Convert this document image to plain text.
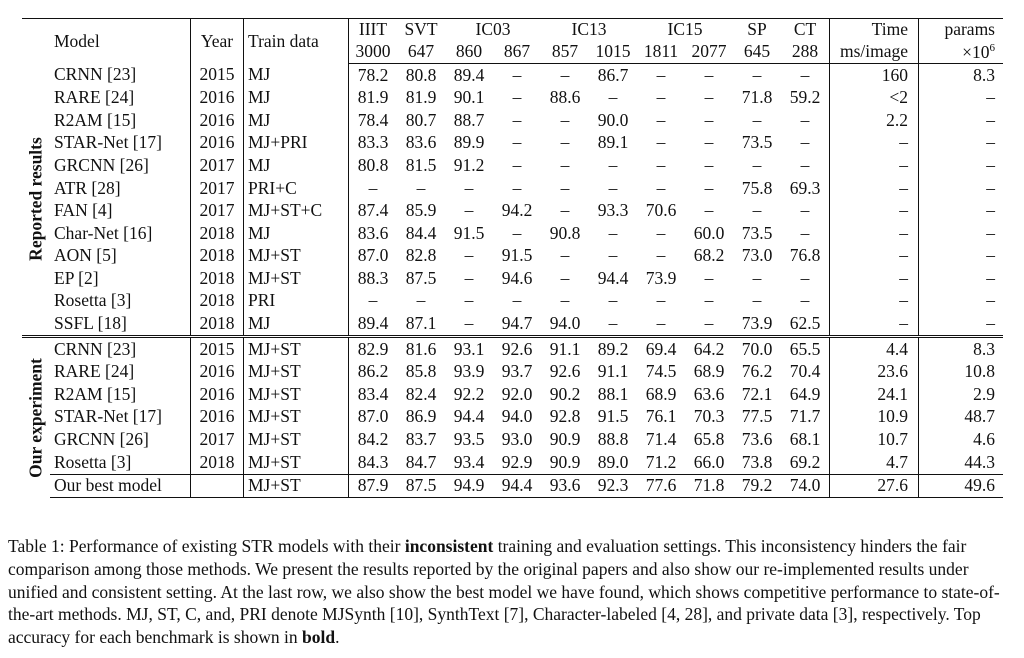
	Model	Year	Train data	IIIT	SVT	IC03		IC13		IC15		SP	CT	Time	params
				3000	647	860	867	857	1015	1811	2077	645	288	ms/image	$\times 10^6$

Reported results	CRNN [23]	2015	MJ	78.2	80.8	89.4	–	–	86.7	–	–	–	–	160	8.3
	RARE [24]	2016	MJ	81.9	81.9	90.1	–	88.6	–	–	–	71.8	59.2	<2	–
	R2AM [15]	2016	MJ	78.4	80.7	88.7	–	–	90.0	–	–	–	–	2.2	–
	STAR-Net [17]	2016	MJ+PRI	83.3	83.6	89.9	–	–	89.1	–	–	73.5	–	–	–
	GRCNN [26]	2017	MJ	80.8	81.5	91.2	–	–	–	–	–	–	–	–	–
	ATR [28]	2017	PRI+C	–	–	–	–	–	–	–	–	75.8	69.3	–	–
	FAN [4]	2017	MJ+ST+C	87.4	85.9	–	94.2	–	93.3	70.6	–	–	–	–	–
	Char-Net [16]	2018	MJ	83.6	84.4	91.5	–	90.8	–	–	60.0	73.5	–	–	–
	AON [5]	2018	MJ+ST	87.0	82.8	–	91.5	–	–	–	68.2	73.0	76.8	–	–
	EP [2]	2018	MJ+ST	88.3	87.5	–	94.6	–	94.4	73.9	–	–	–	–	–
	Rosetta [3]	2018	PRI	–	–	–	–	–	–	–	–	–	–	–	–
	SSFL [18]	2018	MJ	89.4	87.1	–	94.7	94.0	–	–	–	73.9	62.5	–	–

Our experiment	CRNN [23]	2015	MJ+ST	82.9	81.6	93.1	92.6	91.1	89.2	69.4	64.2	70.0	65.5	4.4	8.3
	RARE [24]	2016	MJ+ST	86.2	85.8	93.9	93.7	92.6	91.1	74.5	68.9	76.2	70.4	23.6	10.8
	R2AM [15]	2016	MJ+ST	83.4	82.4	92.2	92.0	90.2	88.1	68.9	63.6	72.1	64.9	24.1	2.9
	STAR-Net [17]	2016	MJ+ST	87.0	86.9	94.4	94.0	92.8	91.5	76.1	70.3	77.5	71.7	10.9	48.7
	GRCNN [26]	2017	MJ+ST	84.2	83.7	93.5	93.0	90.9	88.8	71.4	65.8	73.6	68.1	10.7	4.6
	Rosetta [3]	2018	MJ+ST	84.3	84.7	93.4	92.9	90.9	89.0	71.2	66.0	73.8	69.2	4.7	44.3
	Our best model		MJ+ST	87.9	87.5	94.9	94.4	93.6	92.3	77.6	71.8	79.2	74.0	27.6	49.6
Table 1: Performance of existing STR models with their inconsistent training and evaluation settings. This inconsistency hinders the fair comparison among those methods. We present the results reported by the original papers and also show our re-implemented results under unified and consistent setting. At the last row, we also show the best model we have found, which shows competitive performance to state-of-the-art methods. MJ, ST, C, and, PRI denote MJSynth [10], SynthText [7], Character-labeled [4, 28], and private data [3], respectively. Top accuracy for each benchmark is shown in bold.
